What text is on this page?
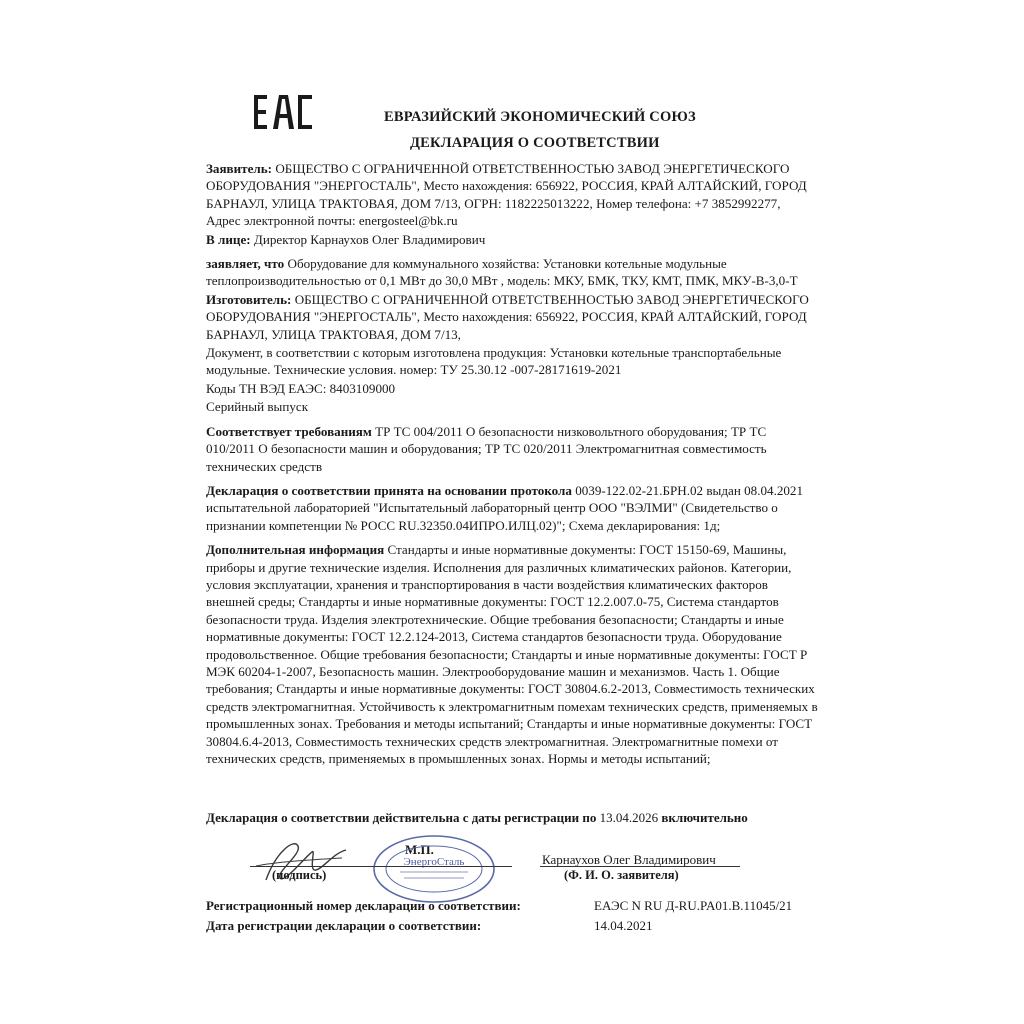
ЕВРАЗИЙСКИЙ ЭКОНОМИЧЕСКИЙ СОЮЗ
ДЕКЛАРАЦИЯ О СООТВЕТСТВИИ

Заявитель: ОБЩЕСТВО С ОГРАНИЧЕННОЙ ОТВЕТСТВЕННОСТЬЮ ЗАВОД ЭНЕРГЕТИЧЕСКОГО ОБОРУДОВАНИЯ "ЭНЕРГОСТАЛЬ", Место нахождения: 656922, РОССИЯ, КРАЙ АЛТАЙСКИЙ, ГОРОД БАРНАУЛ, УЛИЦА ТРАКТОВАЯ, ДОМ 7/13, ОГРН: 1182225013222, Номер телефона: +7 3852992277, Адрес электронной почты: energosteel@bk.ru

В лице: Директор Карнаухов Олег Владимирович

заявляет, что Оборудование для коммунального хозяйства: Установки котельные модульные теплопроизводительностью от 0,1 МВт до 30,0 МВт , модель: МКУ, БМК, ТКУ, КМТ, ПМК, МКУ-В-3,0-Т

Изготовитель: ОБЩЕСТВО С ОГРАНИЧЕННОЙ ОТВЕТСТВЕННОСТЬЮ ЗАВОД ЭНЕРГЕТИЧЕСКОГО ОБОРУДОВАНИЯ "ЭНЕРГОСТАЛЬ", Место нахождения: 656922, РОССИЯ, КРАЙ АЛТАЙСКИЙ, ГОРОД БАРНАУЛ, УЛИЦА ТРАКТОВАЯ, ДОМ 7/13,

Документ, в соответствии с которым изготовлена продукция: Установки котельные транспортабельные модульные. Технические условия. номер: ТУ 25.30.12 -007-28171619-2021

Коды ТН ВЭД ЕАЭС: 8403109000

Серийный выпуск

Соответствует требованиям ТР ТС 004/2011 О безопасности низковольтного оборудования; ТР ТС 010/2011 О безопасности машин и оборудования; ТР ТС 020/2011 Электромагнитная совместимость технических средств

Декларация о соответствии принята на основании протокола 0039-122.02-21.БРН.02 выдан 08.04.2021 испытательной лабораторией "Испытательный лабораторный центр ООО "ВЭЛМИ" (Свидетельство о признании компетенции № РОСС RU.32350.04ИПРО.ИЛЦ.02)"; Схема декларирования: 1д;

Дополнительная информация Стандарты и иные нормативные документы: ГОСТ 15150-69, Машины, приборы и другие технические изделия. Исполнения для различных климатических районов. Категории, условия эксплуатации, хранения и транспортирования в части воздействия климатических факторов внешней среды; Стандарты и иные нормативные документы: ГОСТ 12.2.007.0-75, Система стандартов безопасности труда. Изделия электротехнические. Общие требования безопасности; Стандарты и иные нормативные документы: ГОСТ 12.2.124-2013, Система стандартов безопасности труда. Оборудование продовольственное. Общие требования безопасности; Стандарты и иные нормативные документы: ГОСТ Р МЭК 60204-1-2007, Безопасность машин. Электрооборудование машин и механизмов. Часть 1. Общие требования; Стандарты и иные нормативные документы: ГОСТ 30804.6.2-2013, Совместимость технических средств электромагнитная. Устойчивость к электромагнитным помехам технических средств, применяемых в промышленных зонах. Требования и методы испытаний; Стандарты и иные нормативные документы: ГОСТ 30804.6.4-2013, Совместимость технических средств электромагнитная. Электромагнитные помехи от технических средств, применяемых в промышленных зонах. Нормы и методы испытаний;

Декларация о соответствии действительна с даты регистрации по 13.04.2026 включительно
М.П.
ЭнергоСталь
(подпись)
Карнаухов Олег Владимирович
(Ф. И. О. заявителя)
Регистрационный номер декларации о соответствии:	ЕАЭС N RU Д-RU.PA01.B.11045/21
Дата регистрации декларации о соответствии:	14.04.2021
